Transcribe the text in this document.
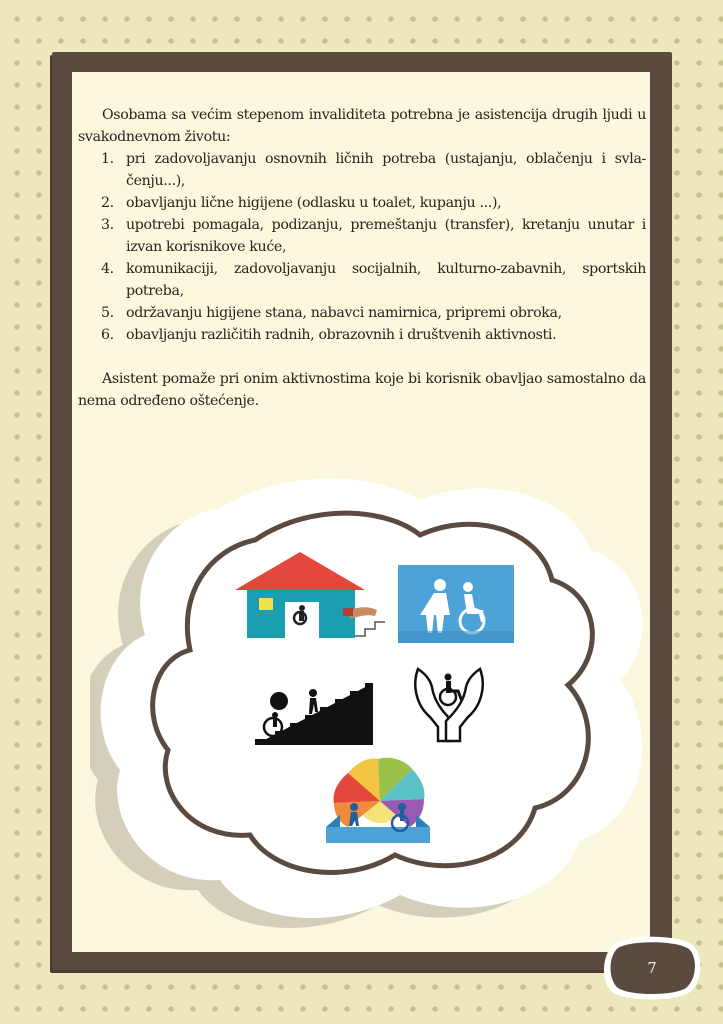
Osobama sa većim stepenom invaliditeta potrebna je asistencija drugih ljudi u svakodnevnom životu:

1. pri zadovoljavanju osnovnih ličnih potreba (ustajanju, oblačenju i svla-čenju...),
2. obavljanju lične higijene (odlasku u toalet, kupanju ...),
3. upotrebi pomagala, podizanju, premeštanju (transfer), kretanju unutar i izvan korisnikove kuće,
4. komunikaciji, zadovoljavanju socijalnih, kulturno-zabavnih, sportskih potreba,
5. održavanju higijene stana, nabavci namirnica, pripremi obroka,
6. obavljanju različitih radnih, obrazovnih i društvenih aktivnosti.

Asistent pomaže pri onim aktivnostima koje bi korisnik obavljao samostalno da nema određeno oštećenje.

7
